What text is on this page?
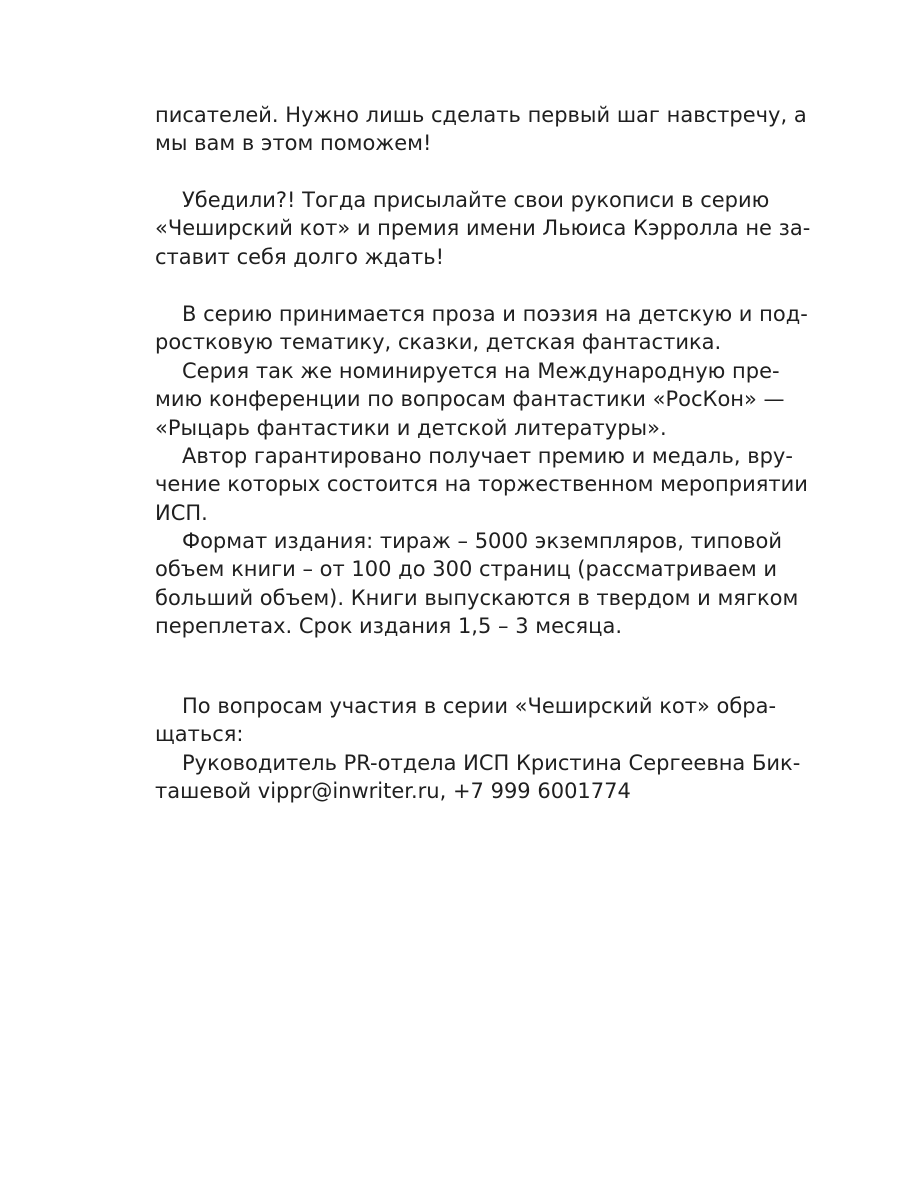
писателей. Нужно лишь сделать первый шаг навстречу, а
мы вам в этом поможем!
Убедили?! Тогда присылайте свои рукописи в серию
«Чеширский кот» и премия имени Льюиса Кэрролла не за-
ставит себя долго ждать!
В серию принимается проза и поэзия на детскую и под-
ростковую тематику, сказки, детская фантастика.
Серия так же номинируется на Международную пре-
мию конференции по вопросам фантастики «РосКон» —
«Рыцарь фантастики и детской литературы».
Автор гарантировано получает премию и медаль, вру-
чение которых состоится на торжественном мероприятии
ИСП.
Формат издания: тираж – 5000 экземпляров, типовой
объем книги – от 100 до 300 страниц (рассматриваем и
больший объем). Книги выпускаются в твердом и мягком
переплетах. Срок издания 1,5 – 3 месяца.
По вопросам участия в серии «Чеширский кот» обра-
щаться:
Руководитель PR-отдела ИСП Кристина Сергеевна Бик-
ташевой vippr@inwriter.ru, +7 999 6001774
